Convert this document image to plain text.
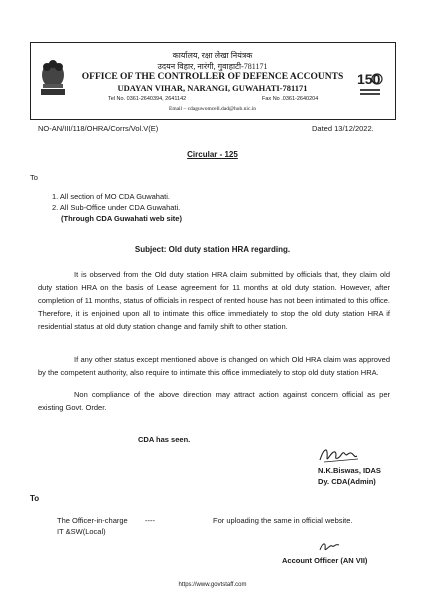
150
कार्यालय, रक्षा लेखा नियंत्रक
उदयन विहार, नारंगी, गुवाहाटी-781171
OFFICE OF THE CONTROLLER OF DEFENCE ACCOUNTS
UDAYAN VIHAR, NARANGI, GUWAHATI-781171
Tel No. 0361-2640394, 2641142	Fax No .0361-2640204
Email – cdaguwomcell.dad@hub.nic.in
NO-AN/III/118/OHRA/Corrs/Vol.V(E)	Dated 13/12/2022.
Circular - 125
To
1. All section of MO CDA Guwahati.
2. All Sub-Office under CDA Guwahati.
(Through CDA Guwahati web site)
Subject: Old duty station HRA regarding.
It is observed from the Old duty station HRA claim submitted by officials that, they claim old duty station HRA on the basis of Lease agreement for 11 months at old duty station. However, after completion of 11 months, status of officials in respect of rented house has not been intimated to this office. Therefore, it is enjoined upon all to intimate this office immediately to stop the old duty station HRA if residential status at old duty station change and family shift to other station.
If any other status except mentioned above is changed on which Old HRA claim was approved by the competent authority, also require to intimate this office immediately to stop old duty station HRA.
Non compliance of the above direction may attract action against concern official as per existing Govt. Order.
CDA has seen.
N.K.Biswas, IDAS
Dy. CDA(Admin)
To
The Officer-in-charge
IT &SW(Local)
----	For uploading the same in official website.
Account Officer (AN VII)
https://www.govtstaff.com
